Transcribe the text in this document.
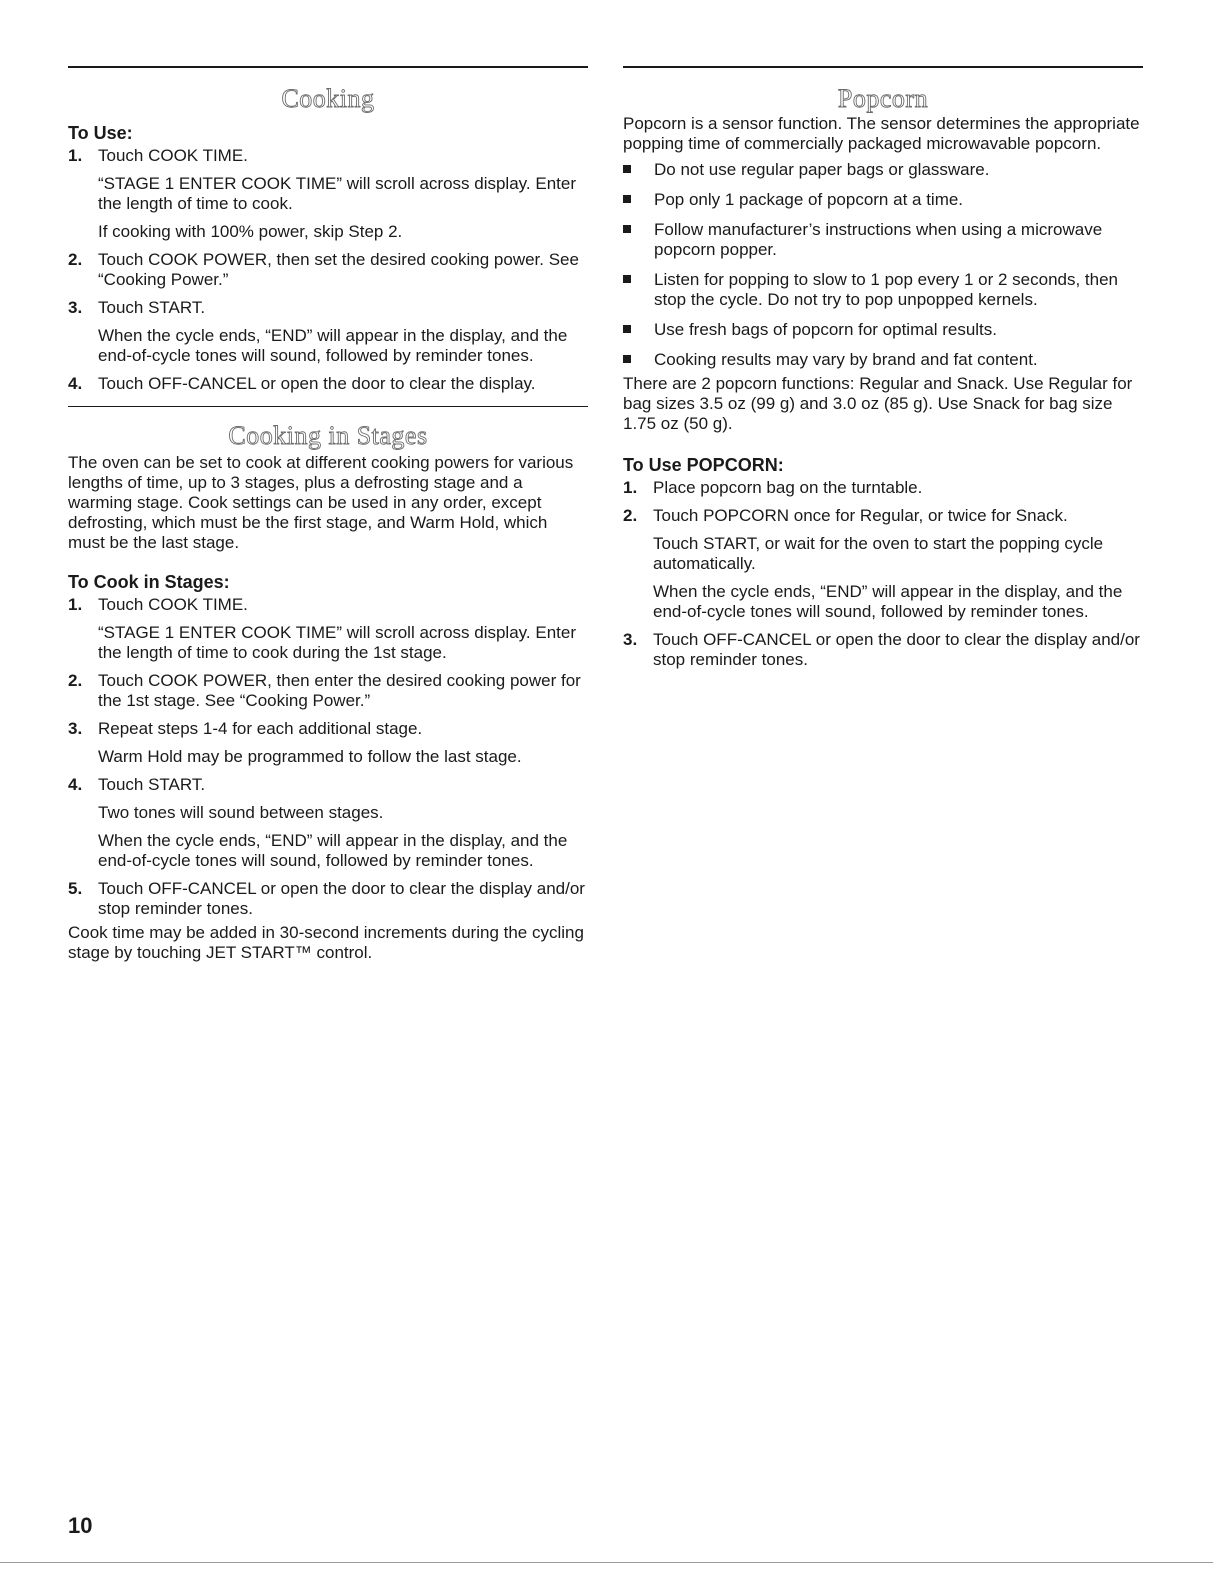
Cooking
To Use:
1. Touch COOK TIME.
“STAGE 1 ENTER COOK TIME” will scroll across display. Enter the length of time to cook.
If cooking with 100% power, skip Step 2.
2. Touch COOK POWER, then set the desired cooking power. See “Cooking Power.”
3. Touch START.
When the cycle ends, “END” will appear in the display, and the end-of-cycle tones will sound, followed by reminder tones.
4. Touch OFF-CANCEL or open the door to clear the display.
Cooking in Stages

The oven can be set to cook at different cooking powers for various lengths of time, up to 3 stages, plus a defrosting stage and a warming stage. Cook settings can be used in any order, except defrosting, which must be the first stage, and Warm Hold, which must be the last stage.

To Cook in Stages:
1. Touch COOK TIME.
“STAGE 1 ENTER COOK TIME” will scroll across display. Enter the length of time to cook during the 1st stage.
2. Touch COOK POWER, then enter the desired cooking power for the 1st stage. See “Cooking Power.”
3. Repeat steps 1-4 for each additional stage.
Warm Hold may be programmed to follow the last stage.
4. Touch START.
Two tones will sound between stages.
When the cycle ends, “END” will appear in the display, and the end-of-cycle tones will sound, followed by reminder tones.
5. Touch OFF-CANCEL or open the door to clear the display and/or stop reminder tones.

Cook time may be added in 30-second increments during the cycling stage by touching JET START™ control.

Popcorn

Popcorn is a sensor function. The sensor determines the appropriate popping time of commercially packaged microwavable popcorn.

Do not use regular paper bags or glassware.
Pop only 1 package of popcorn at a time.
Follow manufacturer’s instructions when using a microwave popcorn popper.
Listen for popping to slow to 1 pop every 1 or 2 seconds, then stop the cycle. Do not try to pop unpopped kernels.
Use fresh bags of popcorn for optimal results.
Cooking results may vary by brand and fat content.

There are 2 popcorn functions: Regular and Snack. Use Regular for bag sizes 3.5 oz (99 g) and 3.0 oz (85 g). Use Snack for bag size 1.75 oz (50 g).

To Use POPCORN:
1. Place popcorn bag on the turntable.
2. Touch POPCORN once for Regular, or twice for Snack.
Touch START, or wait for the oven to start the popping cycle automatically.
When the cycle ends, “END” will appear in the display, and the end-of-cycle tones will sound, followed by reminder tones.
3. Touch OFF-CANCEL or open the door to clear the display and/or stop reminder tones.
10
